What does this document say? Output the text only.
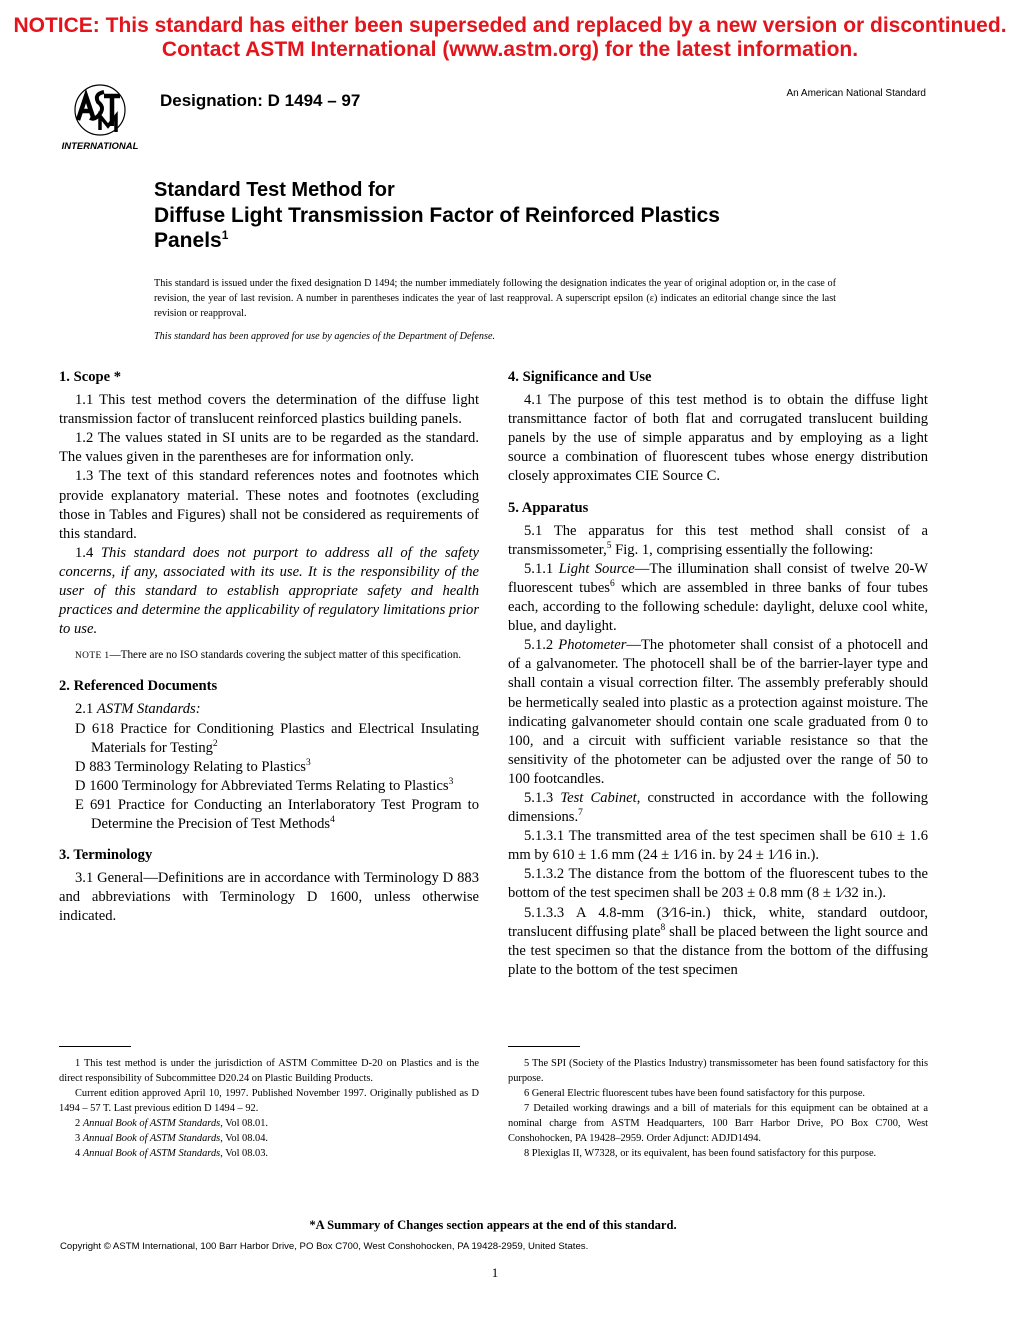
NOTICE: This standard has either been superseded and replaced by a new version or discontinued.
Contact ASTM International (www.astm.org) for the latest information.
INTERNATIONAL
Designation: D 1494 – 97	An American National Standard
Standard Test Method for
Diffuse Light Transmission Factor of Reinforced Plastics
Panels$^1$
This standard is issued under the fixed designation D 1494; the number immediately following the designation indicates the year of original adoption or, in the case of revision, the year of last revision. A number in parentheses indicates the year of last reapproval. A superscript epsilon (ε) indicates an editorial change since the last revision or reapproval.
This standard has been approved for use by agencies of the Department of Defense.
1. Scope *

1.1 This test method covers the determination of the diffuse light transmission factor of translucent reinforced plastics building panels.

1.2 The values stated in SI units are to be regarded as the standard. The values given in the parentheses are for information only.

1.3 The text of this standard references notes and footnotes which provide explanatory material. These notes and footnotes (excluding those in Tables and Figures) shall not be considered as requirements of this standard.

1.4 This standard does not purport to address all of the safety concerns, if any, associated with its use. It is the responsibility of the user of this standard to establish appropriate safety and health practices and determine the applicability of regulatory limitations prior to use.

NOTE 1—There are no ISO standards covering the subject matter of this specification.

2. Referenced Documents

2.1 ASTM Standards:

D 618 Practice for Conditioning Plastics and Electrical Insulating Materials for Testing$^2$

D 883 Terminology Relating to Plastics$^3$

D 1600 Terminology for Abbreviated Terms Relating to Plastics$^3$

E 691 Practice for Conducting an Interlaboratory Test Program to Determine the Precision of Test Methods$^4$

3. Terminology

3.1 General—Definitions are in accordance with Terminology D 883 and abbreviations with Terminology D 1600, unless otherwise indicated.

4. Significance and Use

4.1 The purpose of this test method is to obtain the diffuse light transmittance factor of both flat and corrugated translucent building panels by the use of simple apparatus and by employing as a light source a combination of fluorescent tubes whose energy distribution closely approximates CIE Source C.

5. Apparatus

5.1 The apparatus for this test method shall consist of a transmissometer,$^5$ Fig. 1, comprising essentially the following:

5.1.1 Light Source—The illumination shall consist of twelve 20-W fluorescent tubes$^6$ which are assembled in three banks of four tubes each, according to the following schedule: daylight, deluxe cool white, blue, and daylight.

5.1.2 Photometer—The photometer shall consist of a photocell and of a galvanometer. The photocell shall be of the barrier-layer type and shall contain a visual correction filter. The assembly preferably should be hermetically sealed into plastic as a protection against moisture. The indicating galvanometer should contain one scale graduated from 0 to 100, and a circuit with sufficient variable resistance so that the sensitivity of the photometer can be adjusted over the range of 50 to 100 footcandles.

5.1.3 Test Cabinet, constructed in accordance with the following dimensions.$^7$

5.1.3.1 The transmitted area of the test specimen shall be 610 ± 1.6 mm by 610 ± 1.6 mm (24 ± 1⁄16 in. by 24 ± 1⁄16 in.).

5.1.3.2 The distance from the bottom of the fluorescent tubes to the bottom of the test specimen shall be 203 ± 0.8 mm (8 ± 1⁄32 in.).

5.1.3.3 A 4.8-mm (3⁄16-in.) thick, white, standard outdoor, translucent diffusing plate$^8$ shall be placed between the light source and the test specimen so that the distance from the bottom of the diffusing plate to the bottom of the test specimen

1 This test method is under the jurisdiction of ASTM Committee D-20 on Plastics and is the direct responsibility of Subcommittee D20.24 on Plastic Building Products.

Current edition approved April 10, 1997. Published November 1997. Originally published as D 1494 – 57 T. Last previous edition D 1494 – 92.

2 Annual Book of ASTM Standards, Vol 08.01.

3 Annual Book of ASTM Standards, Vol 08.04.

4 Annual Book of ASTM Standards, Vol 08.03.

5 The SPI (Society of the Plastics Industry) transmissometer has been found satisfactory for this purpose.

6 General Electric fluorescent tubes have been found satisfactory for this purpose.

7 Detailed working drawings and a bill of materials for this equipment can be obtained at a nominal charge from ASTM Headquarters, 100 Barr Harbor Drive, PO Box C700, West Conshohocken, PA 19428–2959. Order Adjunct: ADJD1494.

8 Plexiglas II, W7328, or its equivalent, has been found satisfactory for this purpose.

*A Summary of Changes section appears at the end of this standard.
Copyright © ASTM International, 100 Barr Harbor Drive, PO Box C700, West Conshohocken, PA 19428-2959, United States.
1
